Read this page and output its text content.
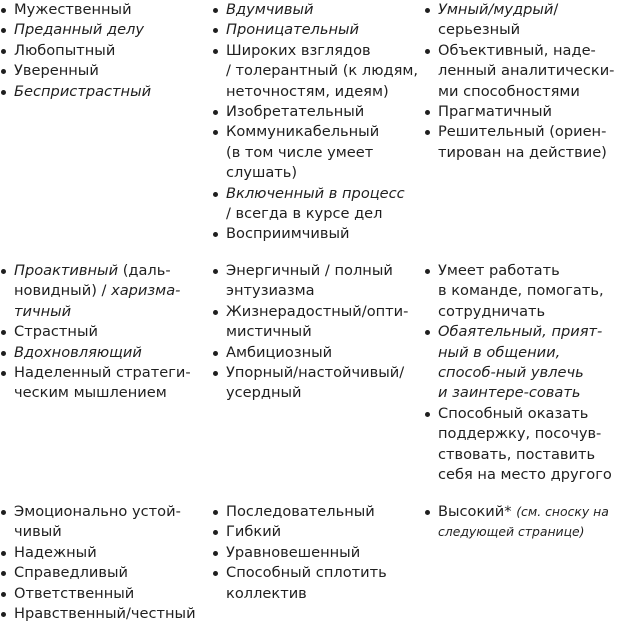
Мужественный
Преданный делу
Любопытный
Уверенный
Беспристрастный
Вдумчивый
Проницательный
Широких взглядов / толерантный (к людям, неточностям, идеям)
Изобретательный
Коммуникабельный (в том числе умеет слушать)
Включенный в процесс / всегда в курсе дел
Восприимчивый
Умный/мудрый/ серьезный
Объективный, наде-ленный аналитически-ми способностями
Прагматичный
Решительный (ориен-тирован на действие)
Проактивный (даль-новидный) / харизма-тичный
Страстный
Вдохновляющий
Наделенный стратеги-ческим мышлением
Энергичный / полный энтузиазма
Жизнерадостный/опти-мистичный
Амбициозный
Упорный/настойчивый/ усердный
Умеет работать в команде, помогать, сотрудничать
Обаятельный, прият-ный в общении, способ-ный увлечь и заинтере-совать
Способный оказать поддержку, посочув-ствовать, поставить себя на место другого
Эмоционально устой-чивый
Надежный
Справедливый
Ответственный
Нравственный/честный
Последовательный
Гибкий
Уравновешенный
Способный сплотить коллектив
Высокий* (см. сноску на следующей странице)
